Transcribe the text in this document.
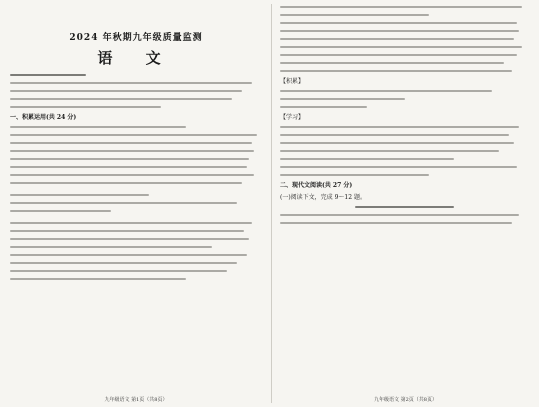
2024 年秋期九年级质量监测
语 文
一、积累运用(共 24 分)
九年级语文 第1页（共8页）
【积累】
【学习】
二、现代文阅读(共 27 分)
(一)阅读下文，完成 9～12 题。
九年级语文 第2页（共8页）
